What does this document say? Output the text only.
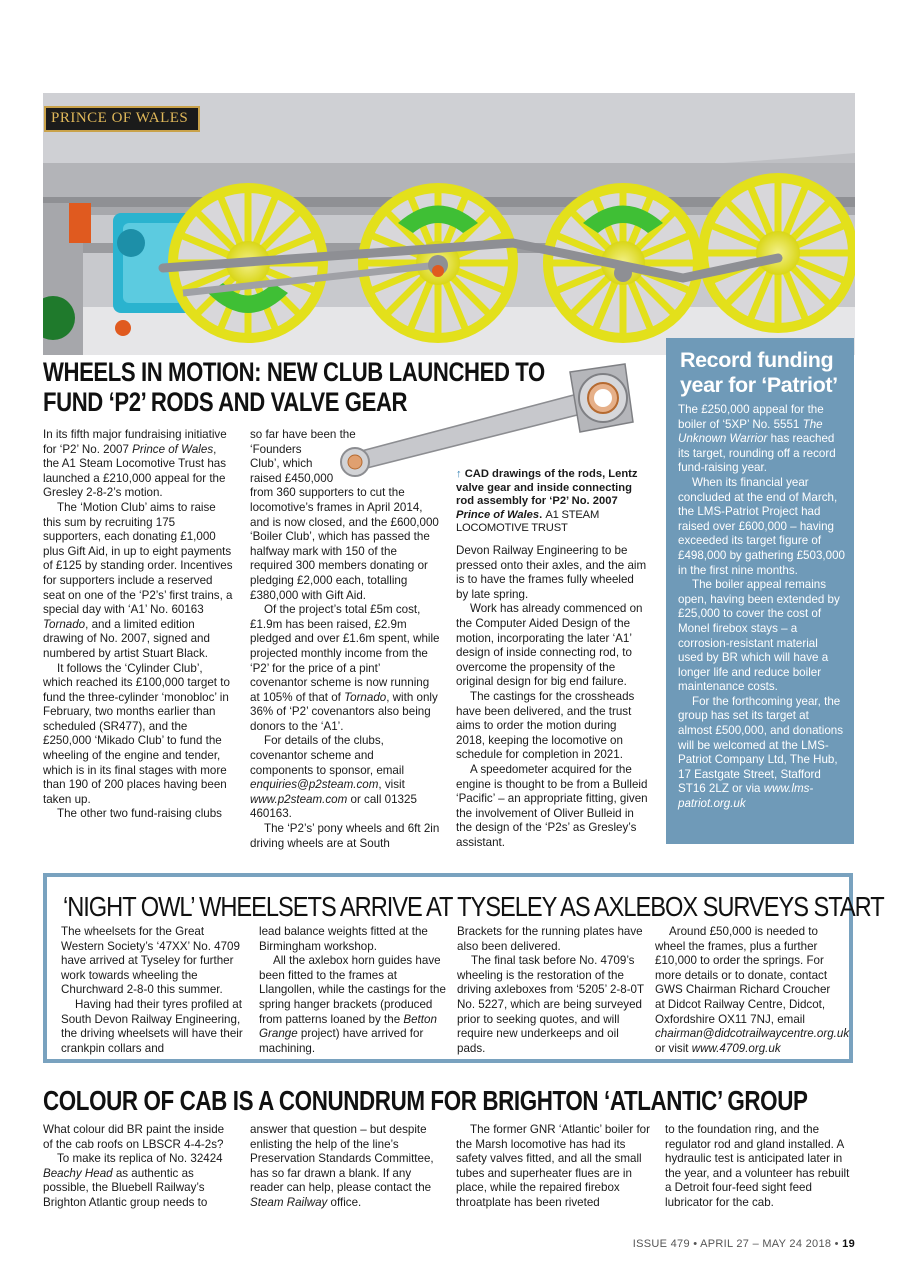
PRINCE OF WALES
WHEELS IN MOTION: NEW CLUB LAUNCHED TO
FUND ‘P2’ RODS AND VALVE GEAR
↑ CAD drawings of the rods, Lentz valve gear and inside connecting rod assembly for ‘P2’ No. 2007 Prince of Wales. A1 STEAM LOCOMOTIVE TRUST

In its fifth major fundraising initiative for ‘P2’ No. 2007 Prince of Wales, the A1 Steam Locomotive Trust has launched a £210,000 appeal for the Gresley 2-8-2’s motion.

The ‘Motion Club’ aims to raise this sum by recruiting 175 supporters, each donating £1,000 plus Gift Aid, in up to eight payments of £125 by standing order. Incentives for supporters include a reserved seat on one of the ‘P2’s’ first trains, a special day with ‘A1’ No. 60163 Tornado, and a limited edition drawing of No. 2007, signed and numbered by artist Stuart Black.

It follows the ‘Cylinder Club’, which reached its £100,000 target to fund the three-cylinder ‘monobloc’ in February, two months earlier than scheduled (SR477), and the £250,000 ‘Mikado Club’ to fund the wheeling of the engine and tender, which is in its final stages with more than 190 of 200 places having been taken up.

The other two fund-raising clubs

so far have been the

‘Founders

Club’, which

raised £450,000

from 360 supporters to cut the locomotive’s frames in April 2014, and is now closed, and the £600,000 ‘Boiler Club’, which has passed the halfway mark with 150 of the required 300 members donating or pledging £2,000 each, totalling £380,000 with Gift Aid.

Of the project’s total £5m cost, £1.9m has been raised, £2.9m pledged and over £1.6m spent, while projected monthly income from the ‘P2’ for the price of a pint’ covenantor scheme is now running at 105% of that of Tornado, with only 36% of ‘P2’ covenantors also being donors to the ‘A1’.

For details of the clubs, covenantor scheme and components to sponsor, email enquiries@p2steam.com, visit www.p2steam.com or call 01325 460163.

The ‘P2’s’ pony wheels and 6ft 2in driving wheels are at South

Devon Railway Engineering to be pressed onto their axles, and the aim is to have the frames fully wheeled by late spring.

Work has already commenced on the Computer Aided Design of the motion, incorporating the later ‘A1’ design of inside connecting rod, to overcome the propensity of the original design for big end failure.

The castings for the crossheads have been delivered, and the trust aims to order the motion during 2018, keeping the locomotive on schedule for completion in 2021.

A speedometer acquired for the engine is thought to be from a Bulleid ‘Pacific’ – an appropriate fitting, given the involvement of Oliver Bulleid in the design of the ‘P2s’ as Gresley’s assistant.

Record funding year for ‘Patriot’

The £250,000 appeal for the boiler of ‘5XP’ No. 5551 The Unknown Warrior has reached its target, rounding off a record fund-raising year.

When its financial year concluded at the end of March, the LMS-Patriot Project had raised over £600,000 – having exceeded its target figure of £498,000 by gathering £503,000 in the first nine months.

The boiler appeal remains open, having been extended by £25,000 to cover the cost of Monel firebox stays – a corrosion-resistant material used by BR which will have a longer life and reduce boiler maintenance costs.

For the forthcoming year, the group has set its target at almost £500,000, and donations will be welcomed at the LMS-Patriot Company Ltd, The Hub, 17 Eastgate Street, Stafford ST16 2LZ or via www.lms-patriot.org.uk

‘NIGHT OWL’ WHEELSETS ARRIVE AT TYSELEY AS AXLEBOX SURVEYS START

The wheelsets for the Great Western Society’s ‘47XX’ No. 4709 have arrived at Tyseley for further work towards wheeling the Churchward 2-8-0 this summer.

Having had their tyres profiled at South Devon Railway Engineering, the driving wheelsets will have their crankpin collars and

lead balance weights fitted at the Birmingham workshop.

All the axlebox horn guides have been fitted to the frames at Llangollen, while the castings for the spring hanger brackets (produced from patterns loaned by the Betton Grange project) have arrived for machining.

Brackets for the running plates have also been delivered.

The final task before No. 4709’s wheeling is the restoration of the driving axleboxes from ‘5205’ 2-8-0T No. 5227, which are being surveyed prior to seeking quotes, and will require new underkeeps and oil pads.

Around £50,000 is needed to wheel the frames, plus a further £10,000 to order the springs. For more details or to donate, contact GWS Chairman Richard Croucher at Didcot Railway Centre, Didcot, Oxfordshire OX11 7NJ, email chairman@didcotrailwaycentre.org.uk or visit www.4709.org.uk

COLOUR OF CAB IS A CONUNDRUM FOR BRIGHTON ‘ATLANTIC’ GROUP

What colour did BR paint the inside of the cab roofs on LBSCR 4-4-2s?

To make its replica of No. 32424 Beachy Head as authentic as possible, the Bluebell Railway’s Brighton Atlantic group needs to

answer that question – but despite enlisting the help of the line’s Preservation Standards Committee, has so far drawn a blank. If any reader can help, please contact the Steam Railway office.

The former GNR ‘Atlantic’ boiler for the Marsh locomotive has had its safety valves fitted, and all the small tubes and superheater flues are in place, while the repaired firebox throatplate has been riveted

to the foundation ring, and the regulator rod and gland installed. A hydraulic test is anticipated later in the year, and a volunteer has rebuilt a Detroit four-feed sight feed lubricator for the cab.

ISSUE 479 • APRIL 27 – MAY 24 2018 • 19
